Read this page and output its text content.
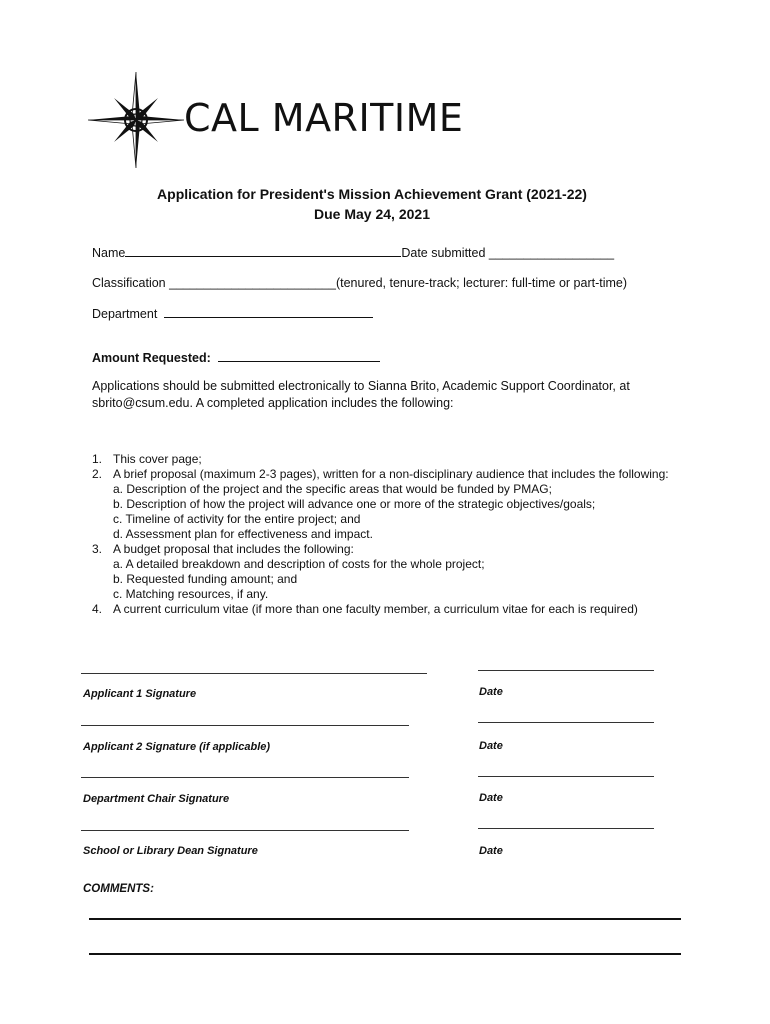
CAL MARITIME
Application for President's Mission Achievement Grant (2021-22)
Due May 24, 2021
Name	Date submitted __________________
Classification ________________________(tenured, tenure-track; lecturer: full-time or part-time)
Department
Amount Requested:
Applications should be submitted electronically to Sianna Brito, Academic Support Coordinator, at sbrito@csum.edu. A completed application includes the following:
1. This cover page;
2. A brief proposal (maximum 2-3 pages), written for a non-disciplinary audience that includes the following:
a. Description of the project and the specific areas that would be funded by PMAG;
b. Description of how the project will advance one or more of the strategic objectives/goals;
c. Timeline of activity for the entire project; and
d. Assessment plan for effectiveness and impact.
3. A budget proposal that includes the following:
a. A detailed breakdown and description of costs for the whole project;
b. Requested funding amount; and
c. Matching resources, if any.
4. A current curriculum vitae (if more than one faculty member, a curriculum vitae for each is required)
Applicant 1 Signature	Date
Applicant 2 Signature (if applicable)	Date
Department Chair Signature	Date
School or Library Dean Signature	Date
COMMENTS:
